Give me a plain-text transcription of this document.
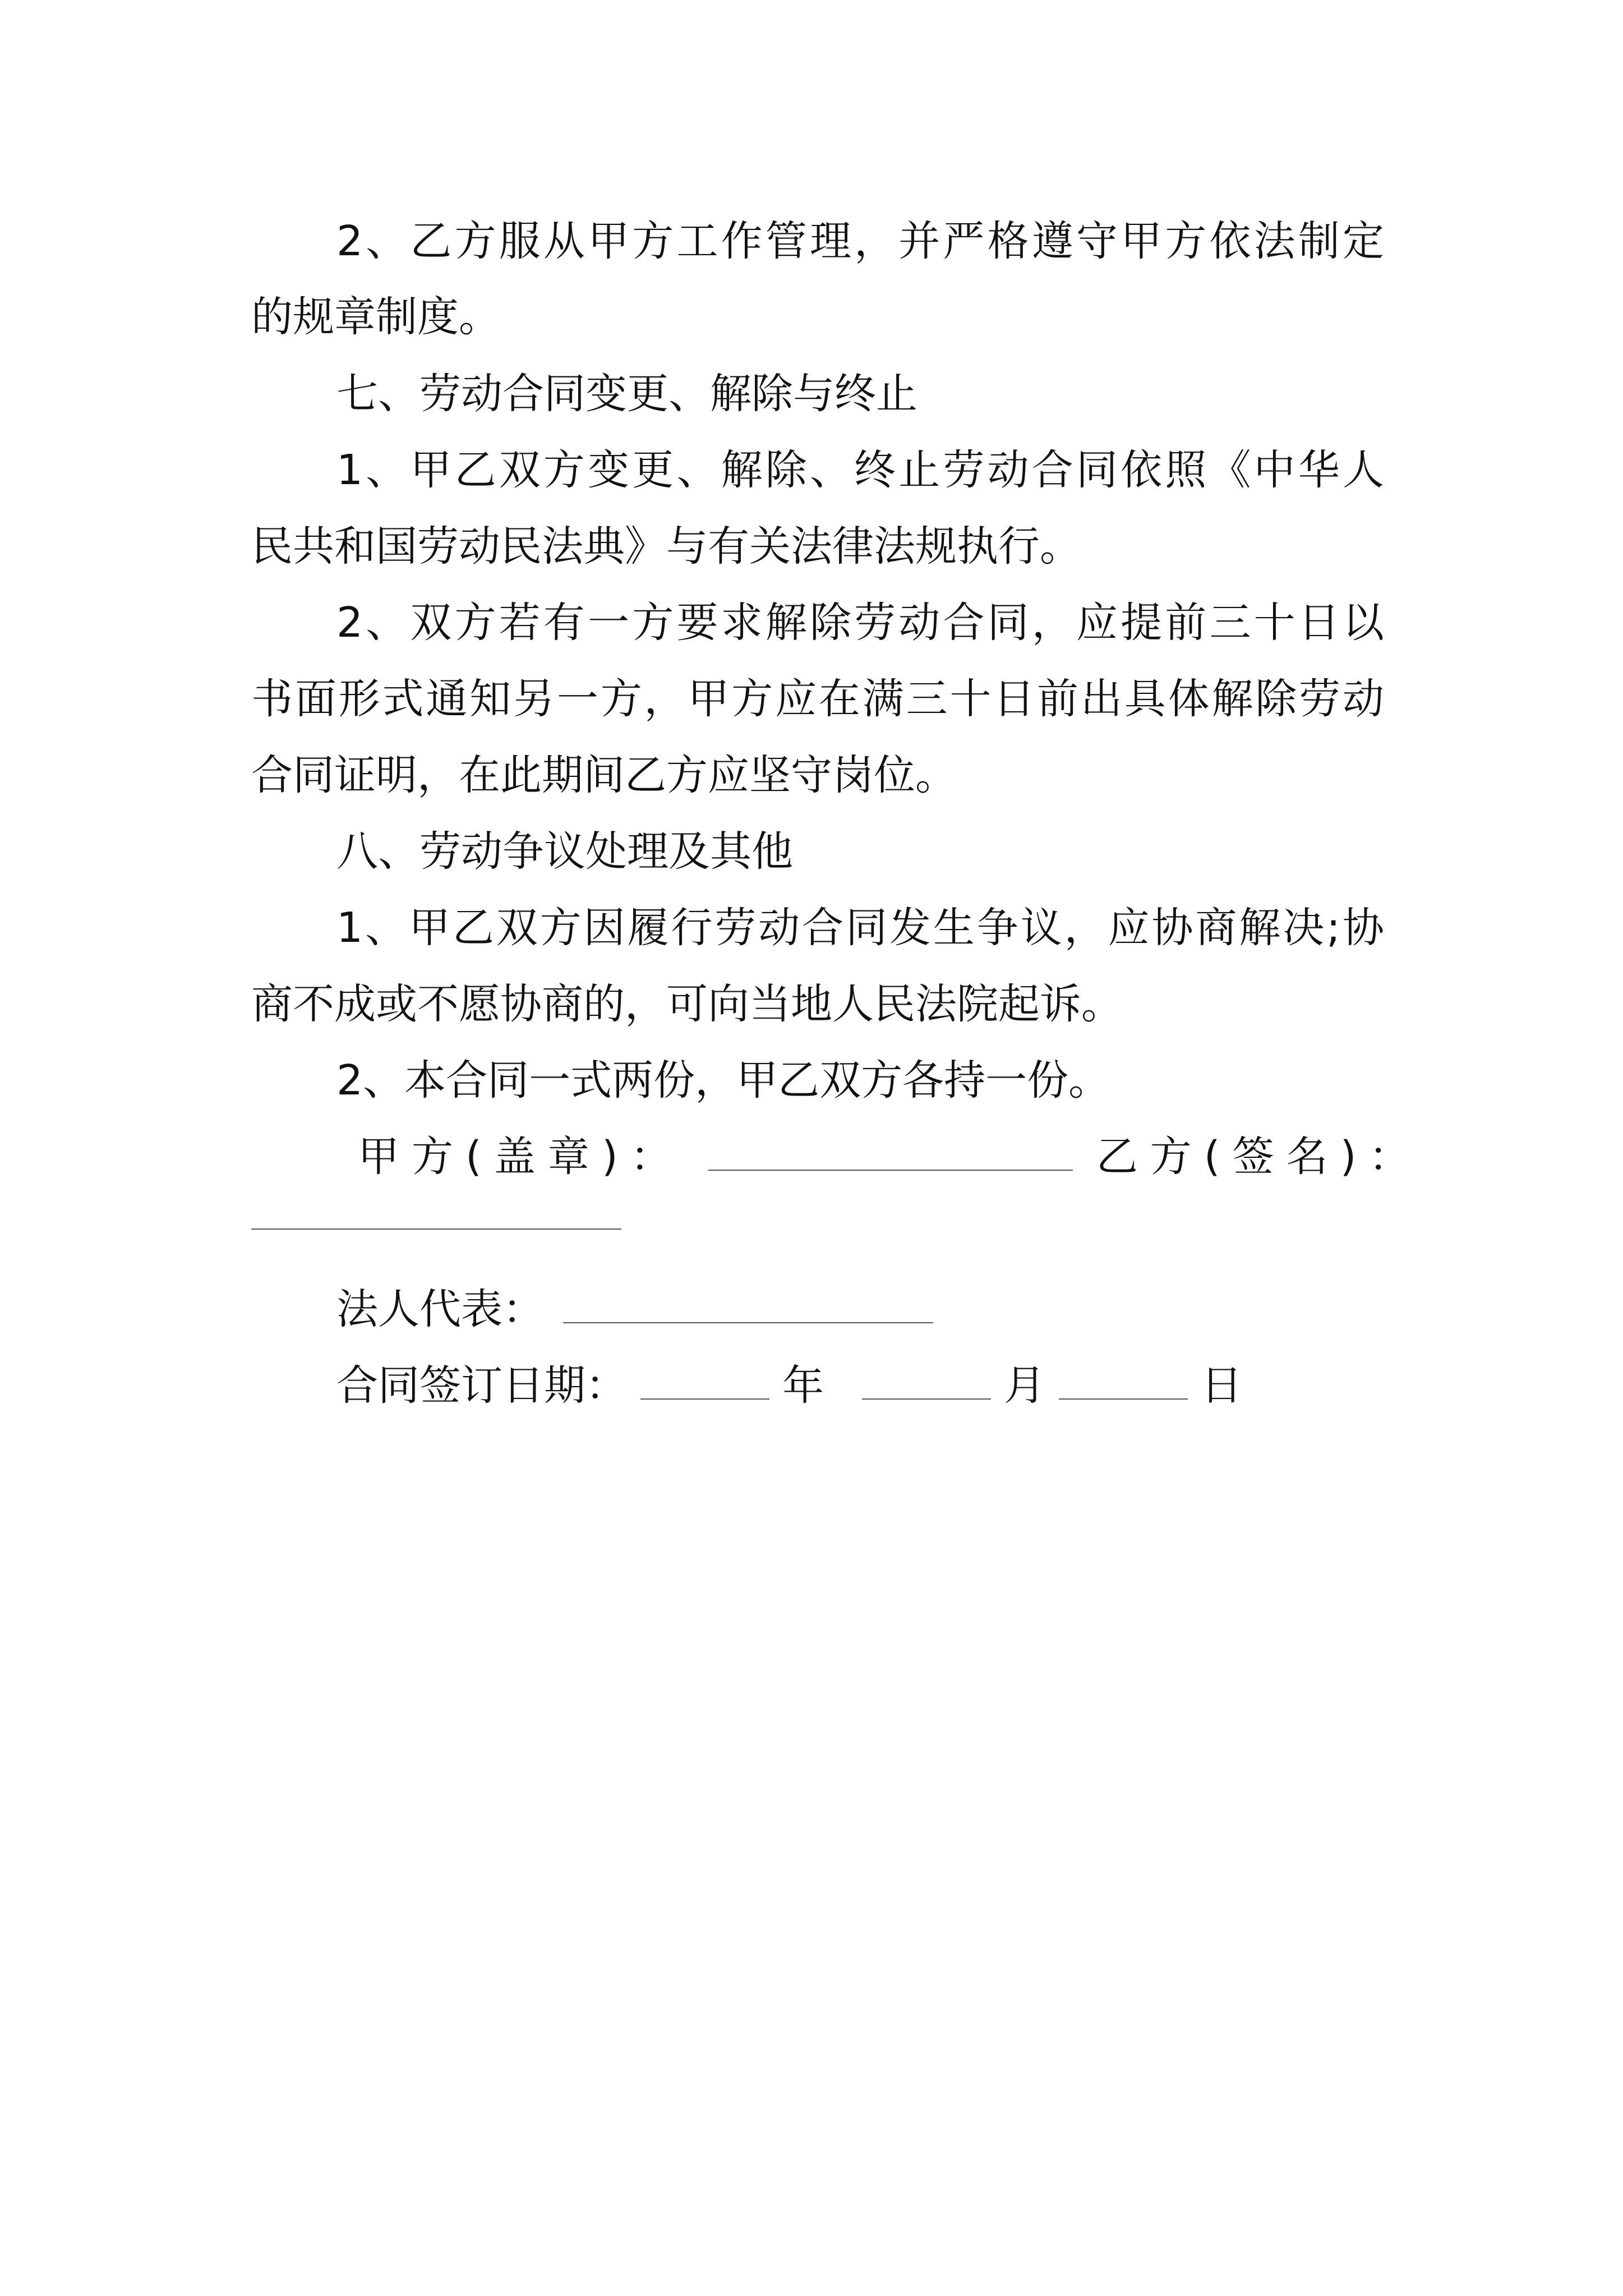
2、乙方服从甲方工作管理，并严格遵守甲方依法制定
的规章制度。
七、劳动合同变更、解除与终止
1、甲乙双方变更、解除、终止劳动合同依照《中华人
民共和国劳动民法典》与有关法律法规执行。
2、双方若有一方要求解除劳动合同，应提前三十日以
书面形式通知另一方，甲方应在满三十日前出具体解除劳动
合同证明，在此期间乙方应坚守岗位。
八、劳动争议处理及其他
1、甲乙双方因履行劳动合同发生争议，应协商解决;协
商不成或不愿协商的，可向当地人民法院起诉。
2、本合同一式两份，甲乙双方各持一份。
甲方(盖章)：	乙方(签名)：
法人代表：
合同签订日期：	年	月	日
